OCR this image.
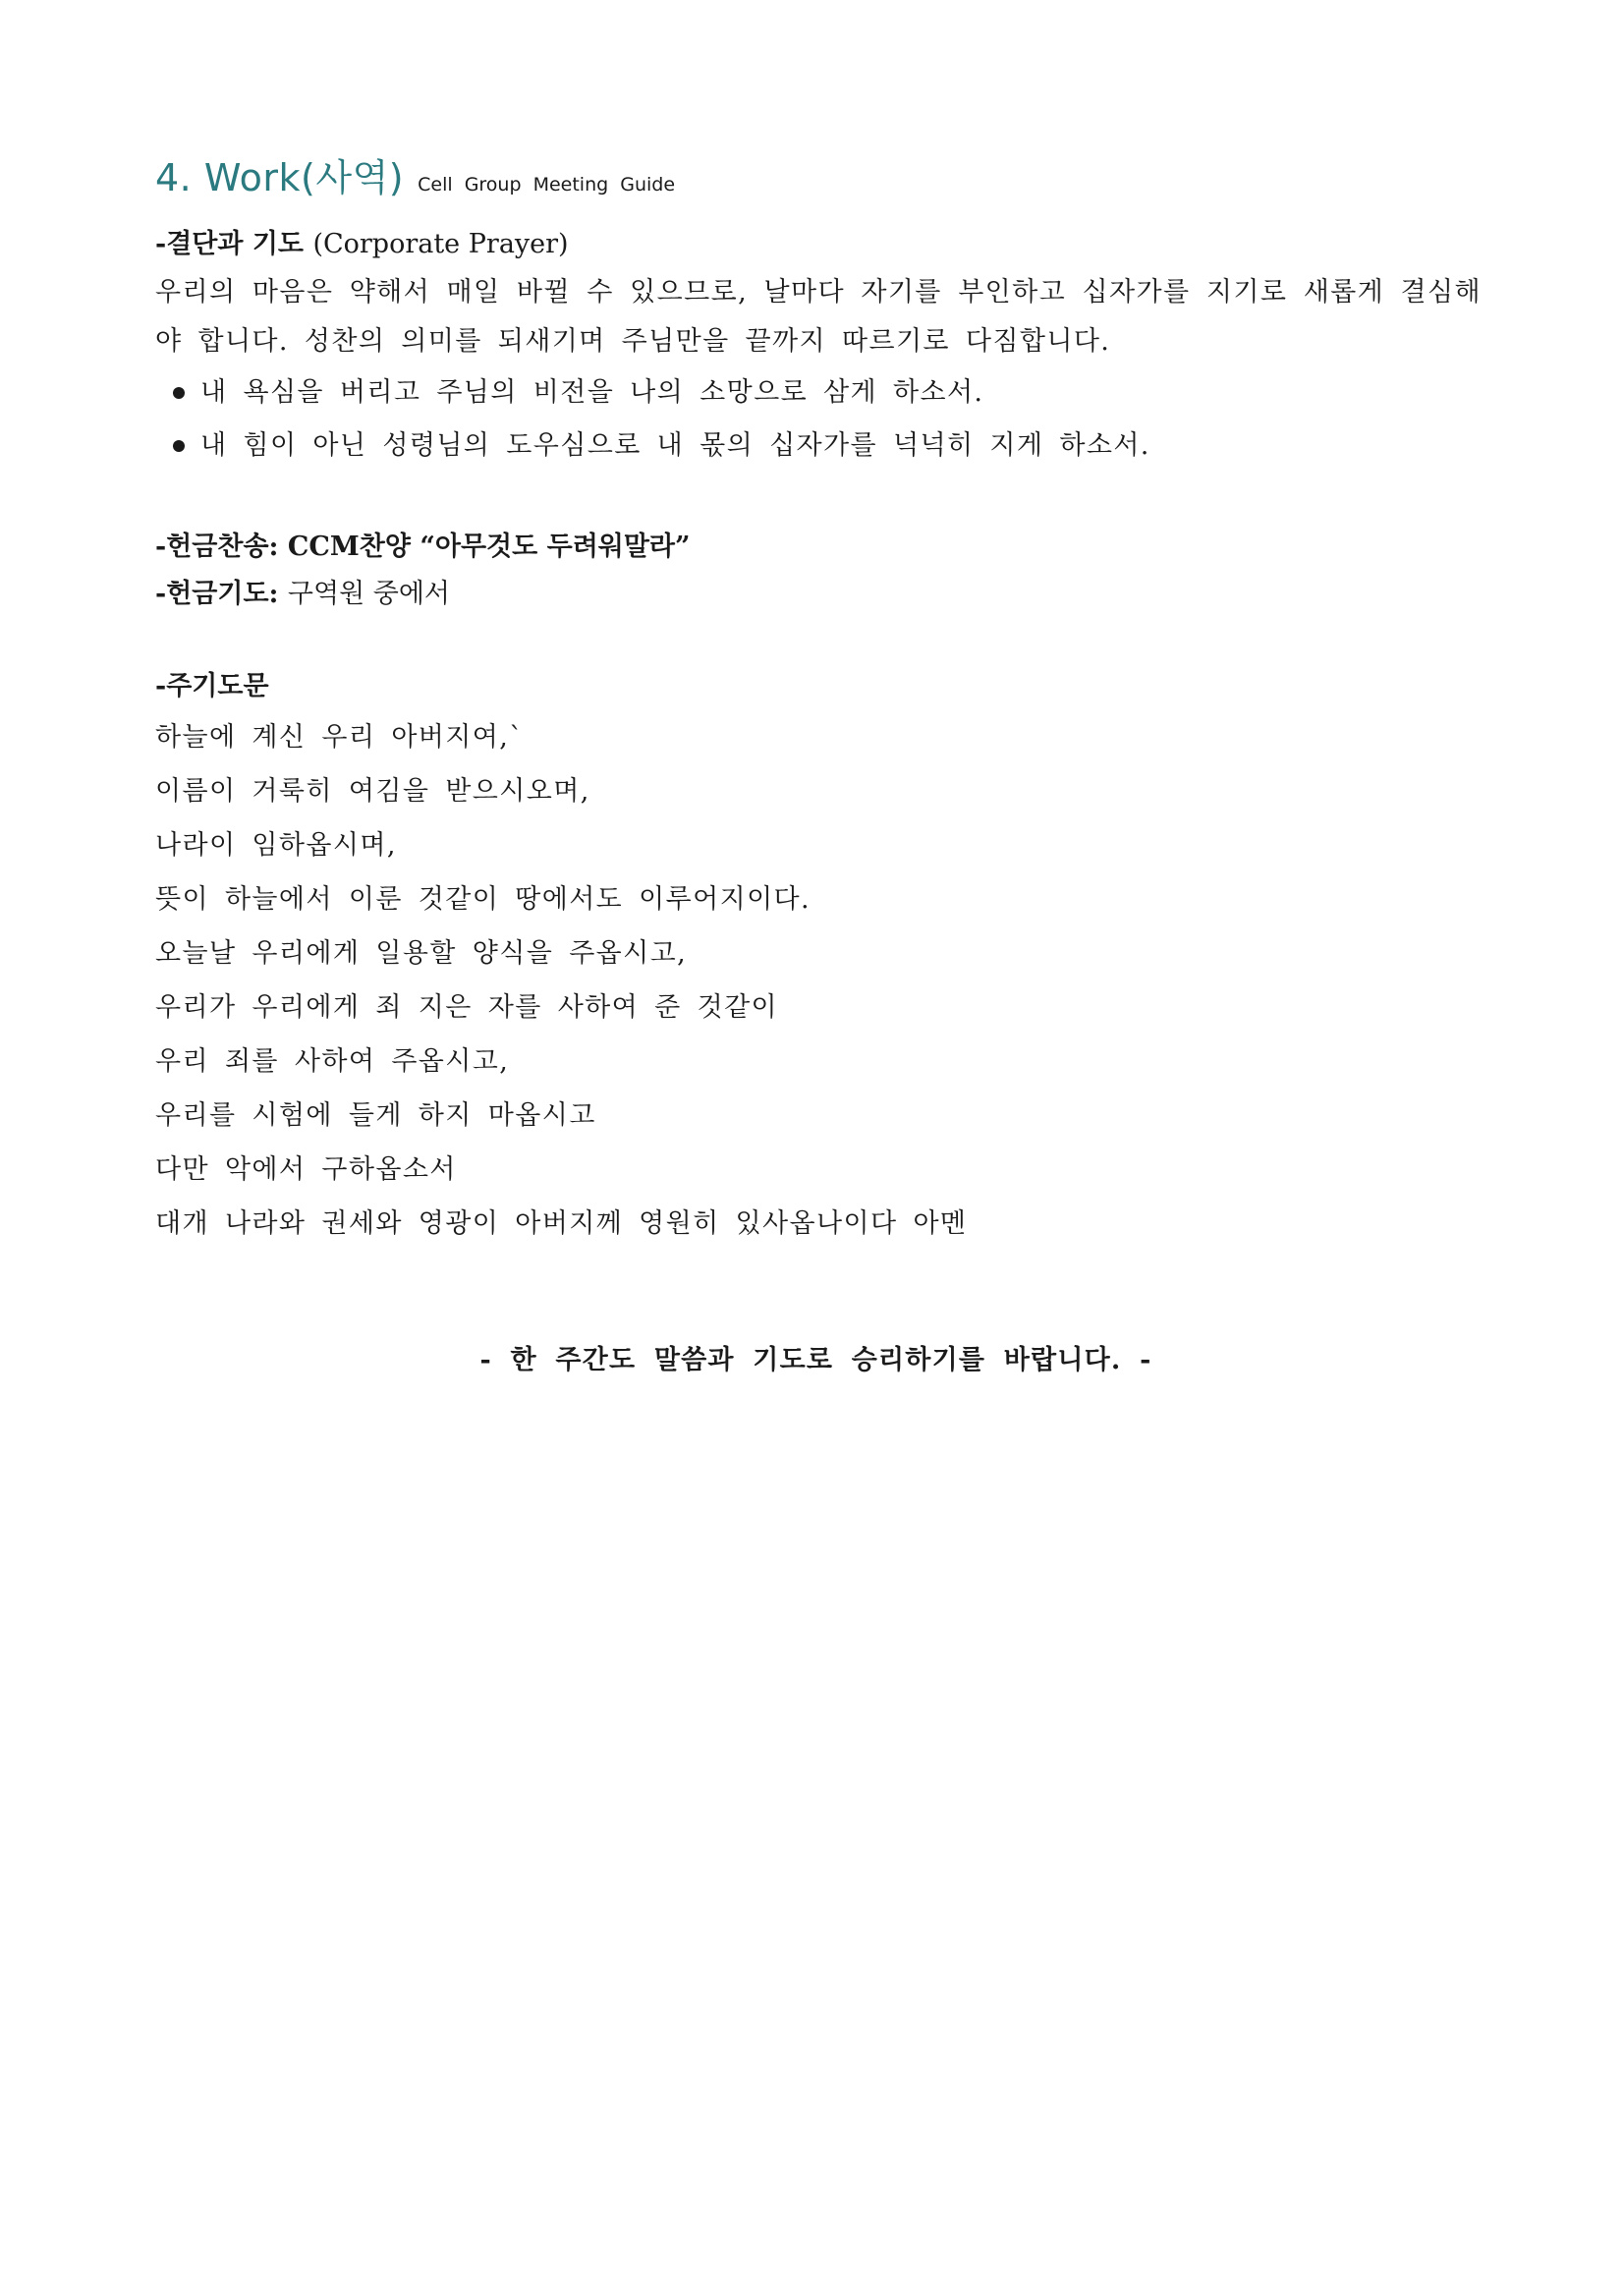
4. Work(사역) Cell Group Meeting Guide
-결단과 기도 (Corporate Prayer)

우리의 마음은 약해서 매일 바뀔 수 있으므로, 날마다 자기를 부인하고 십자가를 지기로 새롭게 결심해야 합니다. 성찬의 의미를 되새기며 주님만을 끝까지 따르기로 다짐합니다.

내 욕심을 버리고 주님의 비전을 나의 소망으로 삼게 하소서.
내 힘이 아닌 성령님의 도우심으로 내 몫의 십자가를 넉넉히 지게 하소서.
-헌금찬송: CCM찬양 “아무것도 두려워말라”
-헌금기도: 구역원 중에서
-주기도문
하늘에 계신 우리 아버지여,`
이름이 거룩히 여김을 받으시오며,
나라이 임하옵시며,
뜻이 하늘에서 이룬 것같이 땅에서도 이루어지이다.
오늘날 우리에게 일용할 양식을 주옵시고,
우리가 우리에게 죄 지은 자를 사하여 준 것같이
우리 죄를 사하여 주옵시고,
우리를 시험에 들게 하지 마옵시고
다만 악에서 구하옵소서
대개 나라와 권세와 영광이 아버지께 영원히 있사옵나이다 아멘
- 한 주간도 말씀과 기도로 승리하기를 바랍니다. -
